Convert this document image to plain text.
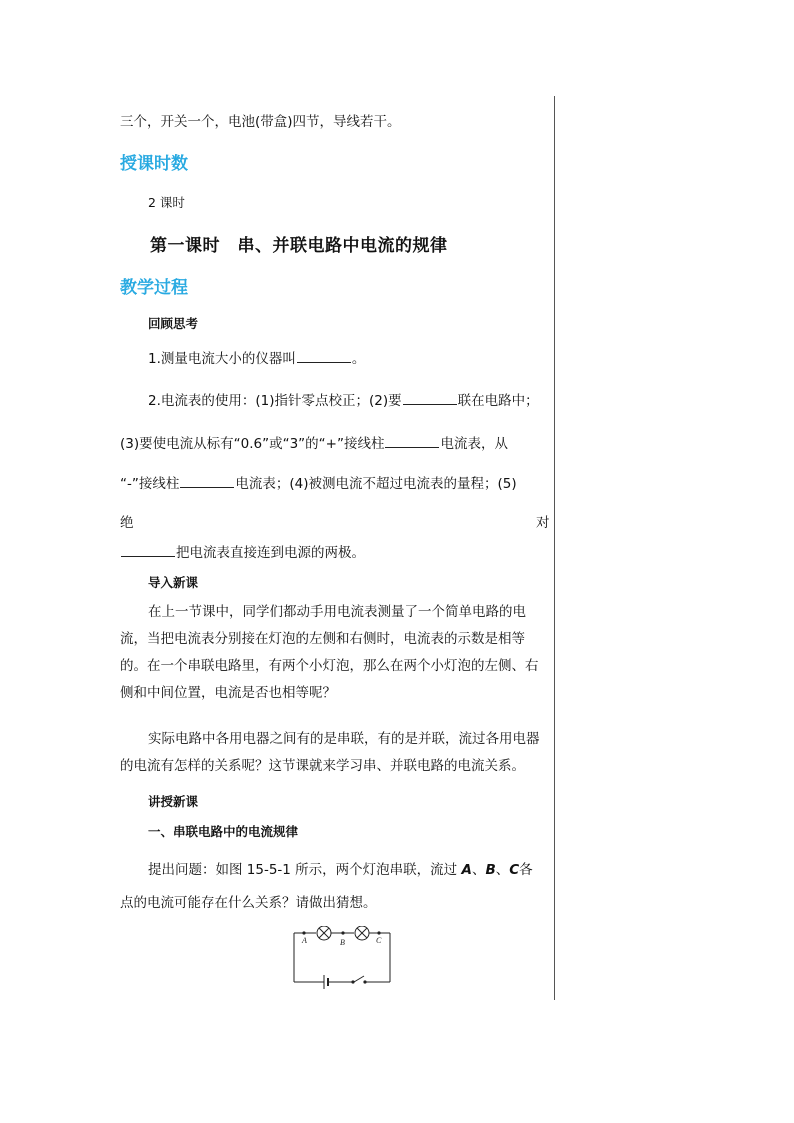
三个，开关一个，电池(带盒)四节，导线若干。
授课时数
2 课时
第一课时　串、并联电路中电流的规律
教学过程
回顾思考
1.测量电流大小的仪器叫	。
2.电流表的使用：(1)指针零点校正；(2)要	联在电路中；
(3)要使电流从标有“0.6”或“3”的“+”接线柱	电流表，从
“-”接线柱	电流表；(4)被测电流不超过电流表的量程；(5)
绝	对
把电流表直接连到电源的两极。
导入新课
在上一节课中，同学们都动手用电流表测量了一个简单电路的电流，当把电流表分别接在灯泡的左侧和右侧时，电流表的示数是相等的。在一个串联电路里，有两个小灯泡，那么在两个小灯泡的左侧、右侧和中间位置，电流是否也相等呢？
实际电路中各用电器之间有的是串联，有的是并联，流过各用电器的电流有怎样的关系呢？这节课就来学习串、并联电路的电流关系。
讲授新课
一、串联电路中的电流规律
提出问题：如图 15-5-1 所示，两个灯泡串联，流过 A、B、C各
点的电流可能存在什么关系？请做出猜想。
A	B	C
